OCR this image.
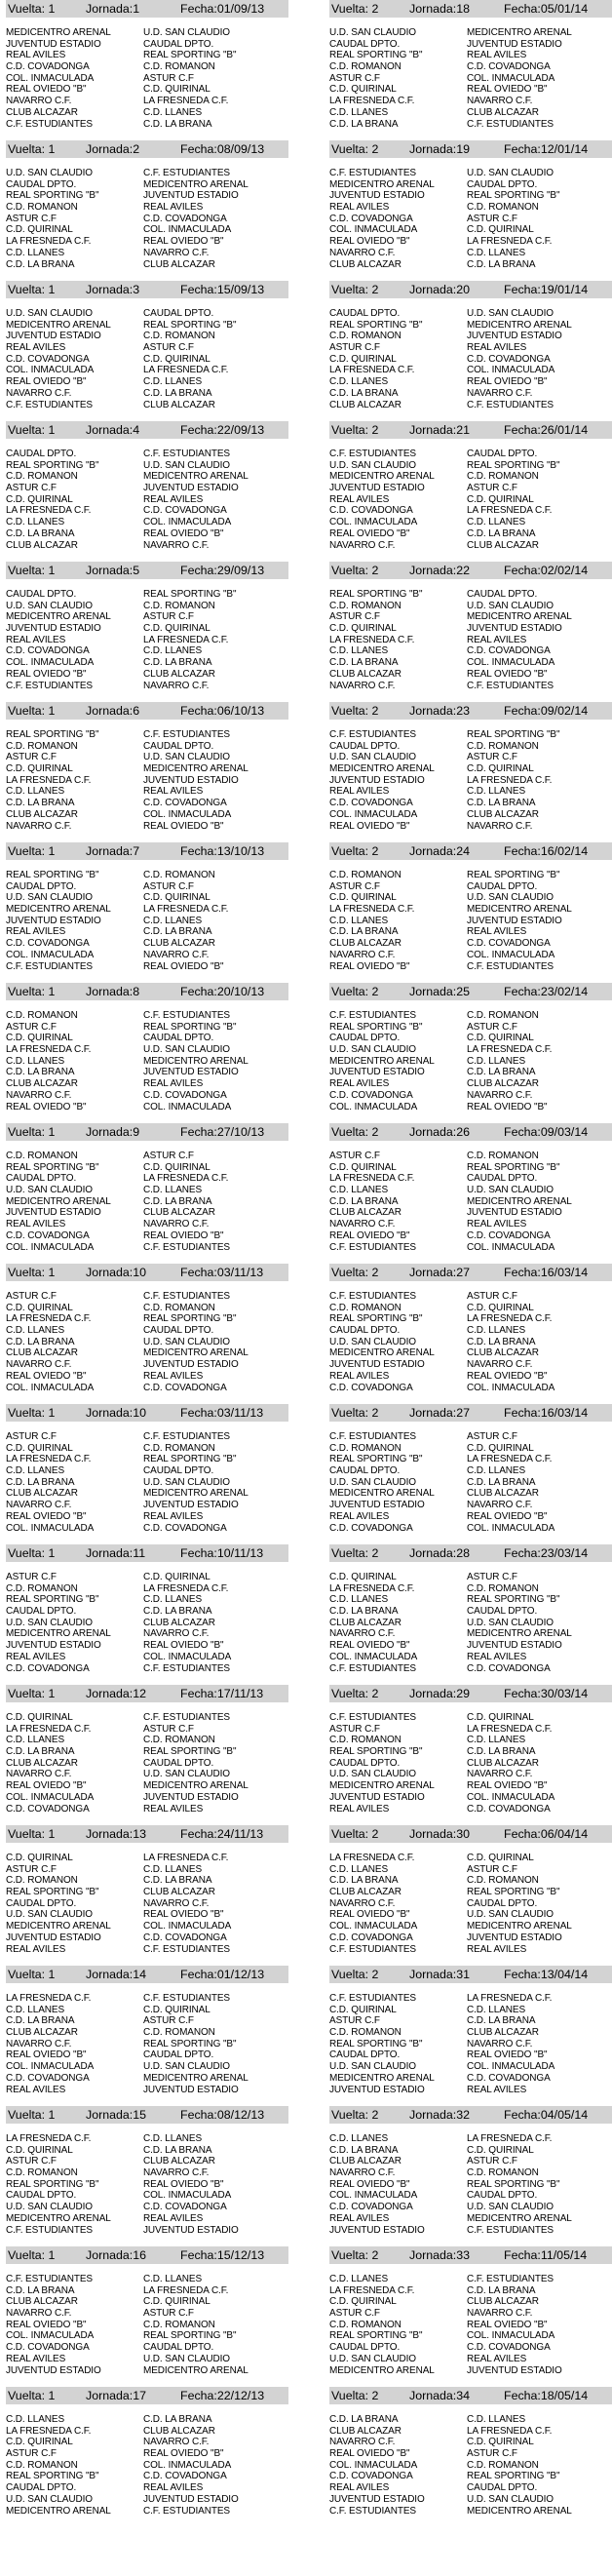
Vuelta: 1	Jornada:1	Fecha:01/09/13
MEDICENTRO ARENAL	U.D. SAN CLAUDIO
JUVENTUD ESTADIO	CAUDAL DPTO.
REAL AVILES	REAL SPORTING "B"
C.D. COVADONGA	C.D. ROMANON
COL. INMACULADA	ASTUR C.F
REAL OVIEDO "B"	C.D. QUIRINAL
NAVARRO C.F.	LA FRESNEDA C.F.
CLUB ALCAZAR	C.D. LLANES
C.F. ESTUDIANTES	C.D. LA BRAÑA
Vuelta: 1	Jornada:2	Fecha:08/09/13
U.D. SAN CLAUDIO	C.F. ESTUDIANTES
CAUDAL DPTO.	MEDICENTRO ARENAL
REAL SPORTING "B"	JUVENTUD ESTADIO
C.D. ROMANON	REAL AVILES
ASTUR C.F	C.D. COVADONGA
C.D. QUIRINAL	COL. INMACULADA
LA FRESNEDA C.F.	REAL OVIEDO "B"
C.D. LLANES	NAVARRO C.F.
C.D. LA BRAÑA	CLUB ALCAZAR
Vuelta: 1	Jornada:3	Fecha:15/09/13
U.D. SAN CLAUDIO	CAUDAL DPTO.
MEDICENTRO ARENAL	REAL SPORTING "B"
JUVENTUD ESTADIO	C.D. ROMANON
REAL AVILES	ASTUR C.F
C.D. COVADONGA	C.D. QUIRINAL
COL. INMACULADA	LA FRESNEDA C.F.
REAL OVIEDO "B"	C.D. LLANES
NAVARRO C.F.	C.D. LA BRAÑA
C.F. ESTUDIANTES	CLUB ALCAZAR
Vuelta: 1	Jornada:4	Fecha:22/09/13
CAUDAL DPTO.	C.F. ESTUDIANTES
REAL SPORTING "B"	U.D. SAN CLAUDIO
C.D. ROMANON	MEDICENTRO ARENAL
ASTUR C.F	JUVENTUD ESTADIO
C.D. QUIRINAL	REAL AVILES
LA FRESNEDA C.F.	C.D. COVADONGA
C.D. LLANES	COL. INMACULADA
C.D. LA BRAÑA	REAL OVIEDO "B"
CLUB ALCAZAR	NAVARRO C.F.
Vuelta: 1	Jornada:5	Fecha:29/09/13
CAUDAL DPTO.	REAL SPORTING "B"
U.D. SAN CLAUDIO	C.D. ROMANON
MEDICENTRO ARENAL	ASTUR C.F
JUVENTUD ESTADIO	C.D. QUIRINAL
REAL AVILES	LA FRESNEDA C.F.
C.D. COVADONGA	C.D. LLANES
COL. INMACULADA	C.D. LA BRAÑA
REAL OVIEDO "B"	CLUB ALCAZAR
C.F. ESTUDIANTES	NAVARRO C.F.
Vuelta: 1	Jornada:6	Fecha:06/10/13
REAL SPORTING "B"	C.F. ESTUDIANTES
C.D. ROMANON	CAUDAL DPTO.
ASTUR C.F	U.D. SAN CLAUDIO
C.D. QUIRINAL	MEDICENTRO ARENAL
LA FRESNEDA C.F.	JUVENTUD ESTADIO
C.D. LLANES	REAL AVILES
C.D. LA BRAÑA	C.D. COVADONGA
CLUB ALCAZAR	COL. INMACULADA
NAVARRO C.F.	REAL OVIEDO "B"
Vuelta: 1	Jornada:7	Fecha:13/10/13
REAL SPORTING "B"	C.D. ROMANON
CAUDAL DPTO.	ASTUR C.F
U.D. SAN CLAUDIO	C.D. QUIRINAL
MEDICENTRO ARENAL	LA FRESNEDA C.F.
JUVENTUD ESTADIO	C.D. LLANES
REAL AVILES	C.D. LA BRAÑA
C.D. COVADONGA	CLUB ALCAZAR
COL. INMACULADA	NAVARRO C.F.
C.F. ESTUDIANTES	REAL OVIEDO "B"
Vuelta: 1	Jornada:8	Fecha:20/10/13
C.D. ROMANON	C.F. ESTUDIANTES
ASTUR C.F	REAL SPORTING "B"
C.D. QUIRINAL	CAUDAL DPTO.
LA FRESNEDA C.F.	U.D. SAN CLAUDIO
C.D. LLANES	MEDICENTRO ARENAL
C.D. LA BRAÑA	JUVENTUD ESTADIO
CLUB ALCAZAR	REAL AVILES
NAVARRO C.F.	C.D. COVADONGA
REAL OVIEDO "B"	COL. INMACULADA
Vuelta: 1	Jornada:9	Fecha:27/10/13
C.D. ROMANON	ASTUR C.F
REAL SPORTING "B"	C.D. QUIRINAL
CAUDAL DPTO.	LA FRESNEDA C.F.
U.D. SAN CLAUDIO	C.D. LLANES
MEDICENTRO ARENAL	C.D. LA BRAÑA
JUVENTUD ESTADIO	CLUB ALCAZAR
REAL AVILES	NAVARRO C.F.
C.D. COVADONGA	REAL OVIEDO "B"
COL. INMACULADA	C.F. ESTUDIANTES
Vuelta: 1	Jornada:10	Fecha:03/11/13
ASTUR C.F	C.F. ESTUDIANTES
C.D. QUIRINAL	C.D. ROMANON
LA FRESNEDA C.F.	REAL SPORTING "B"
C.D. LLANES	CAUDAL DPTO.
C.D. LA BRAÑA	U.D. SAN CLAUDIO
CLUB ALCAZAR	MEDICENTRO ARENAL
NAVARRO C.F.	JUVENTUD ESTADIO
REAL OVIEDO "B"	REAL AVILES
COL. INMACULADA	C.D. COVADONGA
Vuelta: 1	Jornada:10	Fecha:03/11/13
ASTUR C.F	C.F. ESTUDIANTES
C.D. QUIRINAL	C.D. ROMANON
LA FRESNEDA C.F.	REAL SPORTING "B"
C.D. LLANES	CAUDAL DPTO.
C.D. LA BRAÑA	U.D. SAN CLAUDIO
CLUB ALCAZAR	MEDICENTRO ARENAL
NAVARRO C.F.	JUVENTUD ESTADIO
REAL OVIEDO "B"	REAL AVILES
COL. INMACULADA	C.D. COVADONGA
Vuelta: 1	Jornada:11	Fecha:10/11/13
ASTUR C.F	C.D. QUIRINAL
C.D. ROMANON	LA FRESNEDA C.F.
REAL SPORTING "B"	C.D. LLANES
CAUDAL DPTO.	C.D. LA BRAÑA
U.D. SAN CLAUDIO	CLUB ALCAZAR
MEDICENTRO ARENAL	NAVARRO C.F.
JUVENTUD ESTADIO	REAL OVIEDO "B"
REAL AVILES	COL. INMACULADA
C.D. COVADONGA	C.F. ESTUDIANTES
Vuelta: 1	Jornada:12	Fecha:17/11/13
C.D. QUIRINAL	C.F. ESTUDIANTES
LA FRESNEDA C.F.	ASTUR C.F
C.D. LLANES	C.D. ROMANON
C.D. LA BRAÑA	REAL SPORTING "B"
CLUB ALCAZAR	CAUDAL DPTO.
NAVARRO C.F.	U.D. SAN CLAUDIO
REAL OVIEDO "B"	MEDICENTRO ARENAL
COL. INMACULADA	JUVENTUD ESTADIO
C.D. COVADONGA	REAL AVILES
Vuelta: 1	Jornada:13	Fecha:24/11/13
C.D. QUIRINAL	LA FRESNEDA C.F.
ASTUR C.F	C.D. LLANES
C.D. ROMANON	C.D. LA BRAÑA
REAL SPORTING "B"	CLUB ALCAZAR
CAUDAL DPTO.	NAVARRO C.F.
U.D. SAN CLAUDIO	REAL OVIEDO "B"
MEDICENTRO ARENAL	COL. INMACULADA
JUVENTUD ESTADIO	C.D. COVADONGA
REAL AVILES	C.F. ESTUDIANTES
Vuelta: 1	Jornada:14	Fecha:01/12/13
LA FRESNEDA C.F.	C.F. ESTUDIANTES
C.D. LLANES	C.D. QUIRINAL
C.D. LA BRAÑA	ASTUR C.F
CLUB ALCAZAR	C.D. ROMANON
NAVARRO C.F.	REAL SPORTING "B"
REAL OVIEDO "B"	CAUDAL DPTO.
COL. INMACULADA	U.D. SAN CLAUDIO
C.D. COVADONGA	MEDICENTRO ARENAL
REAL AVILES	JUVENTUD ESTADIO
Vuelta: 1	Jornada:15	Fecha:08/12/13
LA FRESNEDA C.F.	C.D. LLANES
C.D. QUIRINAL	C.D. LA BRAÑA
ASTUR C.F	CLUB ALCAZAR
C.D. ROMANON	NAVARRO C.F.
REAL SPORTING "B"	REAL OVIEDO "B"
CAUDAL DPTO.	COL. INMACULADA
U.D. SAN CLAUDIO	C.D. COVADONGA
MEDICENTRO ARENAL	REAL AVILES
C.F. ESTUDIANTES	JUVENTUD ESTADIO
Vuelta: 1	Jornada:16	Fecha:15/12/13
C.F. ESTUDIANTES	C.D. LLANES
C.D. LA BRAÑA	LA FRESNEDA C.F.
CLUB ALCAZAR	C.D. QUIRINAL
NAVARRO C.F.	ASTUR C.F
REAL OVIEDO "B"	C.D. ROMANON
COL. INMACULADA	REAL SPORTING "B"
C.D. COVADONGA	CAUDAL DPTO.
REAL AVILES	U.D. SAN CLAUDIO
JUVENTUD ESTADIO	MEDICENTRO ARENAL
Vuelta: 1	Jornada:17	Fecha:22/12/13
C.D. LLANES	C.D. LA BRAÑA
LA FRESNEDA C.F.	CLUB ALCAZAR
C.D. QUIRINAL	NAVARRO C.F.
ASTUR C.F	REAL OVIEDO "B"
C.D. ROMANON	COL. INMACULADA
REAL SPORTING "B"	C.D. COVADONGA
CAUDAL DPTO.	REAL AVILES
U.D. SAN CLAUDIO	JUVENTUD ESTADIO
MEDICENTRO ARENAL	C.F. ESTUDIANTES
Vuelta: 2	Jornada:18	Fecha:05/01/14
U.D. SAN CLAUDIO	MEDICENTRO ARENAL
CAUDAL DPTO.	JUVENTUD ESTADIO
REAL SPORTING "B"	REAL AVILES
C.D. ROMANON	C.D. COVADONGA
ASTUR C.F	COL. INMACULADA
C.D. QUIRINAL	REAL OVIEDO "B"
LA FRESNEDA C.F.	NAVARRO C.F.
C.D. LLANES	CLUB ALCAZAR
C.D. LA BRAÑA	C.F. ESTUDIANTES
Vuelta: 2	Jornada:19	Fecha:12/01/14
C.F. ESTUDIANTES	U.D. SAN CLAUDIO
MEDICENTRO ARENAL	CAUDAL DPTO.
JUVENTUD ESTADIO	REAL SPORTING "B"
REAL AVILES	C.D. ROMANON
C.D. COVADONGA	ASTUR C.F
COL. INMACULADA	C.D. QUIRINAL
REAL OVIEDO "B"	LA FRESNEDA C.F.
NAVARRO C.F.	C.D. LLANES
CLUB ALCAZAR	C.D. LA BRAÑA
Vuelta: 2	Jornada:20	Fecha:19/01/14
CAUDAL DPTO.	U.D. SAN CLAUDIO
REAL SPORTING "B"	MEDICENTRO ARENAL
C.D. ROMANON	JUVENTUD ESTADIO
ASTUR C.F	REAL AVILES
C.D. QUIRINAL	C.D. COVADONGA
LA FRESNEDA C.F.	COL. INMACULADA
C.D. LLANES	REAL OVIEDO "B"
C.D. LA BRAÑA	NAVARRO C.F.
CLUB ALCAZAR	C.F. ESTUDIANTES
Vuelta: 2	Jornada:21	Fecha:26/01/14
C.F. ESTUDIANTES	CAUDAL DPTO.
U.D. SAN CLAUDIO	REAL SPORTING "B"
MEDICENTRO ARENAL	C.D. ROMANON
JUVENTUD ESTADIO	ASTUR C.F
REAL AVILES	C.D. QUIRINAL
C.D. COVADONGA	LA FRESNEDA C.F.
COL. INMACULADA	C.D. LLANES
REAL OVIEDO "B"	C.D. LA BRAÑA
NAVARRO C.F.	CLUB ALCAZAR
Vuelta: 2	Jornada:22	Fecha:02/02/14
REAL SPORTING "B"	CAUDAL DPTO.
C.D. ROMANON	U.D. SAN CLAUDIO
ASTUR C.F	MEDICENTRO ARENAL
C.D. QUIRINAL	JUVENTUD ESTADIO
LA FRESNEDA C.F.	REAL AVILES
C.D. LLANES	C.D. COVADONGA
C.D. LA BRAÑA	COL. INMACULADA
CLUB ALCAZAR	REAL OVIEDO "B"
NAVARRO C.F.	C.F. ESTUDIANTES
Vuelta: 2	Jornada:23	Fecha:09/02/14
C.F. ESTUDIANTES	REAL SPORTING "B"
CAUDAL DPTO.	C.D. ROMANON
U.D. SAN CLAUDIO	ASTUR C.F
MEDICENTRO ARENAL	C.D. QUIRINAL
JUVENTUD ESTADIO	LA FRESNEDA C.F.
REAL AVILES	C.D. LLANES
C.D. COVADONGA	C.D. LA BRAÑA
COL. INMACULADA	CLUB ALCAZAR
REAL OVIEDO "B"	NAVARRO C.F.
Vuelta: 2	Jornada:24	Fecha:16/02/14
C.D. ROMANON	REAL SPORTING "B"
ASTUR C.F	CAUDAL DPTO.
C.D. QUIRINAL	U.D. SAN CLAUDIO
LA FRESNEDA C.F.	MEDICENTRO ARENAL
C.D. LLANES	JUVENTUD ESTADIO
C.D. LA BRAÑA	REAL AVILES
CLUB ALCAZAR	C.D. COVADONGA
NAVARRO C.F.	COL. INMACULADA
REAL OVIEDO "B"	C.F. ESTUDIANTES
Vuelta: 2	Jornada:25	Fecha:23/02/14
C.F. ESTUDIANTES	C.D. ROMANON
REAL SPORTING "B"	ASTUR C.F
CAUDAL DPTO.	C.D. QUIRINAL
U.D. SAN CLAUDIO	LA FRESNEDA C.F.
MEDICENTRO ARENAL	C.D. LLANES
JUVENTUD ESTADIO	C.D. LA BRAÑA
REAL AVILES	CLUB ALCAZAR
C.D. COVADONGA	NAVARRO C.F.
COL. INMACULADA	REAL OVIEDO "B"
Vuelta: 2	Jornada:26	Fecha:09/03/14
ASTUR C.F	C.D. ROMANON
C.D. QUIRINAL	REAL SPORTING "B"
LA FRESNEDA C.F.	CAUDAL DPTO.
C.D. LLANES	U.D. SAN CLAUDIO
C.D. LA BRAÑA	MEDICENTRO ARENAL
CLUB ALCAZAR	JUVENTUD ESTADIO
NAVARRO C.F.	REAL AVILES
REAL OVIEDO "B"	C.D. COVADONGA
C.F. ESTUDIANTES	COL. INMACULADA
Vuelta: 2	Jornada:27	Fecha:16/03/14
C.F. ESTUDIANTES	ASTUR C.F
C.D. ROMANON	C.D. QUIRINAL
REAL SPORTING "B"	LA FRESNEDA C.F.
CAUDAL DPTO.	C.D. LLANES
U.D. SAN CLAUDIO	C.D. LA BRAÑA
MEDICENTRO ARENAL	CLUB ALCAZAR
JUVENTUD ESTADIO	NAVARRO C.F.
REAL AVILES	REAL OVIEDO "B"
C.D. COVADONGA	COL. INMACULADA
Vuelta: 2	Jornada:27	Fecha:16/03/14
C.F. ESTUDIANTES	ASTUR C.F
C.D. ROMANON	C.D. QUIRINAL
REAL SPORTING "B"	LA FRESNEDA C.F.
CAUDAL DPTO.	C.D. LLANES
U.D. SAN CLAUDIO	C.D. LA BRAÑA
MEDICENTRO ARENAL	CLUB ALCAZAR
JUVENTUD ESTADIO	NAVARRO C.F.
REAL AVILES	REAL OVIEDO "B"
C.D. COVADONGA	COL. INMACULADA
Vuelta: 2	Jornada:28	Fecha:23/03/14
C.D. QUIRINAL	ASTUR C.F
LA FRESNEDA C.F.	C.D. ROMANON
C.D. LLANES	REAL SPORTING "B"
C.D. LA BRAÑA	CAUDAL DPTO.
CLUB ALCAZAR	U.D. SAN CLAUDIO
NAVARRO C.F.	MEDICENTRO ARENAL
REAL OVIEDO "B"	JUVENTUD ESTADIO
COL. INMACULADA	REAL AVILES
C.F. ESTUDIANTES	C.D. COVADONGA
Vuelta: 2	Jornada:29	Fecha:30/03/14
C.F. ESTUDIANTES	C.D. QUIRINAL
ASTUR C.F	LA FRESNEDA C.F.
C.D. ROMANON	C.D. LLANES
REAL SPORTING "B"	C.D. LA BRAÑA
CAUDAL DPTO.	CLUB ALCAZAR
U.D. SAN CLAUDIO	NAVARRO C.F.
MEDICENTRO ARENAL	REAL OVIEDO "B"
JUVENTUD ESTADIO	COL. INMACULADA
REAL AVILES	C.D. COVADONGA
Vuelta: 2	Jornada:30	Fecha:06/04/14
LA FRESNEDA C.F.	C.D. QUIRINAL
C.D. LLANES	ASTUR C.F
C.D. LA BRAÑA	C.D. ROMANON
CLUB ALCAZAR	REAL SPORTING "B"
NAVARRO C.F.	CAUDAL DPTO.
REAL OVIEDO "B"	U.D. SAN CLAUDIO
COL. INMACULADA	MEDICENTRO ARENAL
C.D. COVADONGA	JUVENTUD ESTADIO
C.F. ESTUDIANTES	REAL AVILES
Vuelta: 2	Jornada:31	Fecha:13/04/14
C.F. ESTUDIANTES	LA FRESNEDA C.F.
C.D. QUIRINAL	C.D. LLANES
ASTUR C.F	C.D. LA BRAÑA
C.D. ROMANON	CLUB ALCAZAR
REAL SPORTING "B"	NAVARRO C.F.
CAUDAL DPTO.	REAL OVIEDO "B"
U.D. SAN CLAUDIO	COL. INMACULADA
MEDICENTRO ARENAL	C.D. COVADONGA
JUVENTUD ESTADIO	REAL AVILES
Vuelta: 2	Jornada:32	Fecha:04/05/14
C.D. LLANES	LA FRESNEDA C.F.
C.D. LA BRAÑA	C.D. QUIRINAL
CLUB ALCAZAR	ASTUR C.F
NAVARRO C.F.	C.D. ROMANON
REAL OVIEDO "B"	REAL SPORTING "B"
COL. INMACULADA	CAUDAL DPTO.
C.D. COVADONGA	U.D. SAN CLAUDIO
REAL AVILES	MEDICENTRO ARENAL
JUVENTUD ESTADIO	C.F. ESTUDIANTES
Vuelta: 2	Jornada:33	Fecha:11/05/14
C.D. LLANES	C.F. ESTUDIANTES
LA FRESNEDA C.F.	C.D. LA BRAÑA
C.D. QUIRINAL	CLUB ALCAZAR
ASTUR C.F	NAVARRO C.F.
C.D. ROMANON	REAL OVIEDO "B"
REAL SPORTING "B"	COL. INMACULADA
CAUDAL DPTO.	C.D. COVADONGA
U.D. SAN CLAUDIO	REAL AVILES
MEDICENTRO ARENAL	JUVENTUD ESTADIO
Vuelta: 2	Jornada:34	Fecha:18/05/14
C.D. LA BRAÑA	C.D. LLANES
CLUB ALCAZAR	LA FRESNEDA C.F.
NAVARRO C.F.	C.D. QUIRINAL
REAL OVIEDO "B"	ASTUR C.F
COL. INMACULADA	C.D. ROMANON
C.D. COVADONGA	REAL SPORTING "B"
REAL AVILES	CAUDAL DPTO.
JUVENTUD ESTADIO	U.D. SAN CLAUDIO
C.F. ESTUDIANTES	MEDICENTRO ARENAL
